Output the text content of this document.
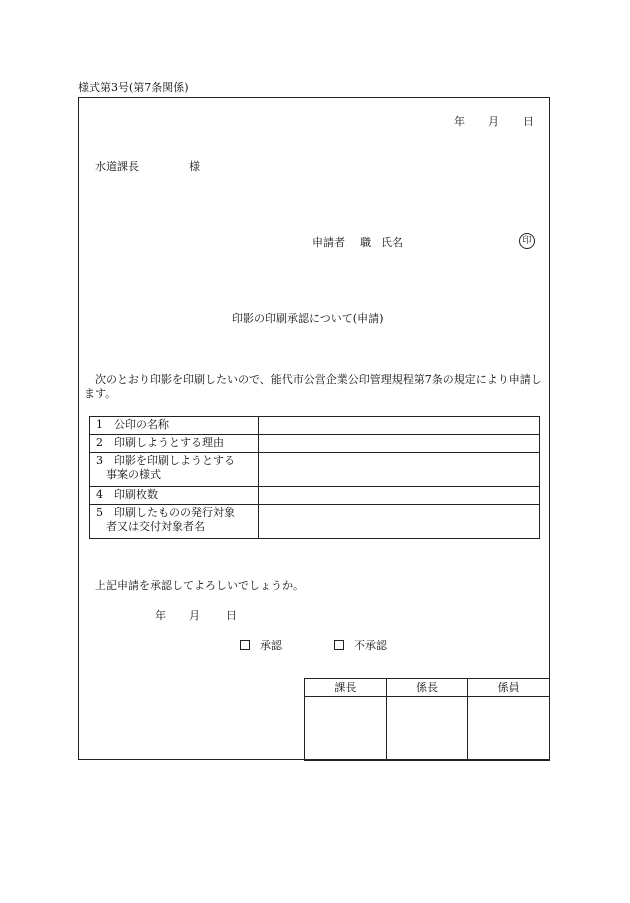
様式第3号(第7条関係)
年 月 日
水道課長	様
申請者 職 氏名	印
印影の印刷承認について(申請)
次のとおり印影を印刷したいので、能代市公営企業公印管理規程第7条の規定により申請します。
1　公印の名称	
2　印刷しようとする理由	
3　印影を印刷しようとする
事案の様式	

4　印刷枚数	
5　印刷したものの発行対象
者又は交付対象者名	

上記申請を承認してよろしいでしょうか。
年 月 日
承認	不承認
課長	係長	係員
